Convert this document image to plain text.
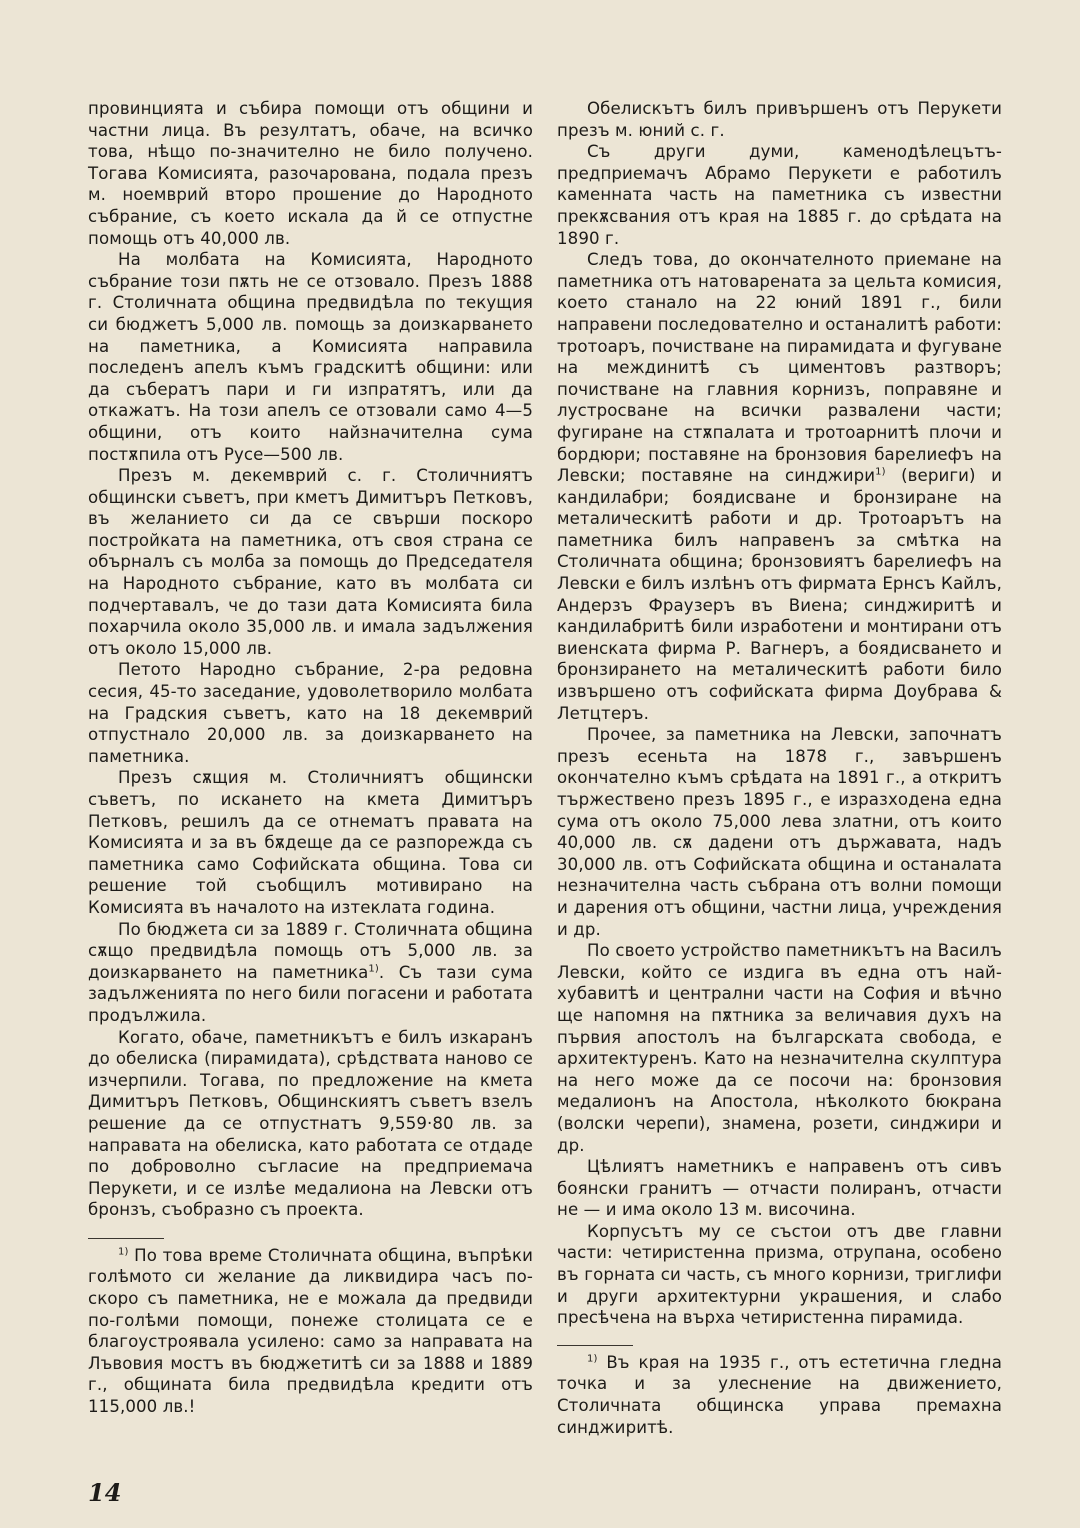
провинцията и събира помощи отъ общини и частни лица. Въ резултатъ, обаче, на всичко това, нѣщо по-значително не било получено. Тогава Комисията, разочарована, подала презъ м. ноемврий второ прошение до Народното събрание, съ което искала да й се отпустне помощь отъ 40,000 лв.

На молбата на Комисията, Народното събрание този пѫть не се отзовало. Презъ 1888 г. Столичната община предвидѣла по текущия си бюджетъ 5,000 лв. помощь за доизкарването на паметника, а Комисията направила последенъ апелъ къмъ градскитѣ общини: или да събератъ пари и ги изпратятъ, или да откажатъ. На този апелъ се отзовали само 4—5 общини, отъ които найзначителна сума постѫпила отъ Русе—500 лв.

Презъ м. декемврий с. г. Столичниятъ общински съветъ, при кметъ Димитъръ Петковъ, въ желанието си да се свърши поскоро постройката на паметника, отъ своя страна се обърналъ съ молба за помощь до Председателя на Народното събрание, като въ молбата си подчертавалъ, че до тази дата Комисията била похарчила около 35,000 лв. и имала задължения отъ около 15,000 лв.

Петото Народно събрание, 2-ра редовна сесия, 45-то заседание, удоволетворило молбата на Градския съветъ, като на 18 декемврий отпустнало 20,000 лв. за доизкарването на паметника.

Презъ сѫщия м. Столичниятъ общински съветъ, по искането на кмета Димитъръ Петковъ, решилъ да се отнематъ правата на Комисията и за въ бѫдеще да се разпорежда съ паметника само Софийската община. Това си решение той съобщилъ мотивирано на Комисията въ началото на изтеклата година.

По бюджета си за 1889 г. Столичната община сѫщо предвидѣла помощь отъ 5,000 лв. за доизкарването на паметника$^{1)}$. Съ тази сума задълженията по него били погасени и работата продължила.

Когато, обаче, паметникътъ е билъ изкаранъ до обелиска (пирамидата), срѣдствата наново се изчерпили. Тогава, по предложение на кмета Димитъръ Петковъ, Общинскиятъ съветъ взелъ решение да се отпустнатъ 9,559·80 лв. за направата на обелиска, като работата се отдаде по доброволно съгласие на предприемача Перукети, и се излѣе медалиона на Левски отъ бронзъ, съобразно съ проекта.

$^{1)}$ По това време Столичната община, въпрѣки голѣмото си желание да ликвидира часъ по-скоро съ паметника, не е можала да предвиди по-голѣми помощи, понеже столицата се е благоустроявала усилено: само за направата на Лъвовия мостъ въ бюджетитѣ си за 1888 и 1889 г., общината била предвидѣла кредити отъ 115,000 лв.!

Обелискътъ билъ привършенъ отъ Перукети презъ м. юний с. г.

Съ други думи, каменодѣлецътъ-предприемачъ Абрамо Перукети е работилъ каменната часть на паметника съ известни прекѫсвания отъ края на 1885 г. до срѣдата на 1890 г.

Следъ това, до окончателното приемане на паметника отъ натоварената за цельта комисия, което станало на 22 юний 1891 г., били направени последователно и останалитѣ работи: тротоаръ, почистване на пирамидата и фугуване на междинитѣ съ циментовъ разтворъ; почистване на главния корнизъ, поправяне и лустросване на всички развалени части; фугиране на стѫпалата и тротоарнитѣ плочи и бордюри; поставяне на бронзовия барелиефъ на Левски; поставяне на синджири$^{1)}$ (вериги) и кандилабри; боядисване и бронзиране на металическитѣ работи и др. Тротоарътъ на паметника билъ направенъ за смѣтка на Столичната община; бронзовиятъ барелиефъ на Левски е билъ излѣнъ отъ фирмата Ернсъ Кайлъ, Андерзъ Фраузеръ въ Виена; синджиритѣ и кандилабритѣ били изработени и монтирани отъ виенската фирма Р. Вагнеръ, а боядисването и бронзирането на металическитѣ работи било извършено отъ софийската фирма Доубрава & Летцтеръ.

Прочее, за паметника на Левски, започнатъ презъ есеньта на 1878 г., завършенъ окончателно къмъ срѣдата на 1891 г., а откритъ тържествено презъ 1895 г., е изразходена една сума отъ около 75,000 лева златни, отъ които 40,000 лв. сѫ дадени отъ държавата, надъ 30,000 лв. отъ Софийската община и останалата незначителна часть събрана отъ волни помощи и дарения отъ общини, частни лица, учреждения и др.

По своето устройство паметникътъ на Василъ Левски, който се издига въ една отъ най-хубавитѣ и централни части на София и вѣчно ще напомня на пѫтника за величавия духъ на първия апостолъ на българската свобода, е архитектуренъ. Като на незначителна скулптура на него може да се посочи на: бронзовия медалионъ на Апостола, нѣколкото бюкрана (волски черепи), знамена, розети, синджири и др.

Цѣлиятъ наметникъ е направенъ отъ сивъ боянски гранитъ — отчасти полиранъ, отчасти не — и има около 13 м. височина.

Корпусътъ му се състои отъ две главни части: четиристенна призма, отрупана, особено въ горната си часть, съ много корнизи, триглифи и други архитектурни украшения, и слабо пресѣчена на върха четиристенна пирамида.

$^{1)}$ Въ края на 1935 г., отъ естетична гледна точка и за улеснение на движението, Столичната общинска управа премахна синджиритѣ.

14
